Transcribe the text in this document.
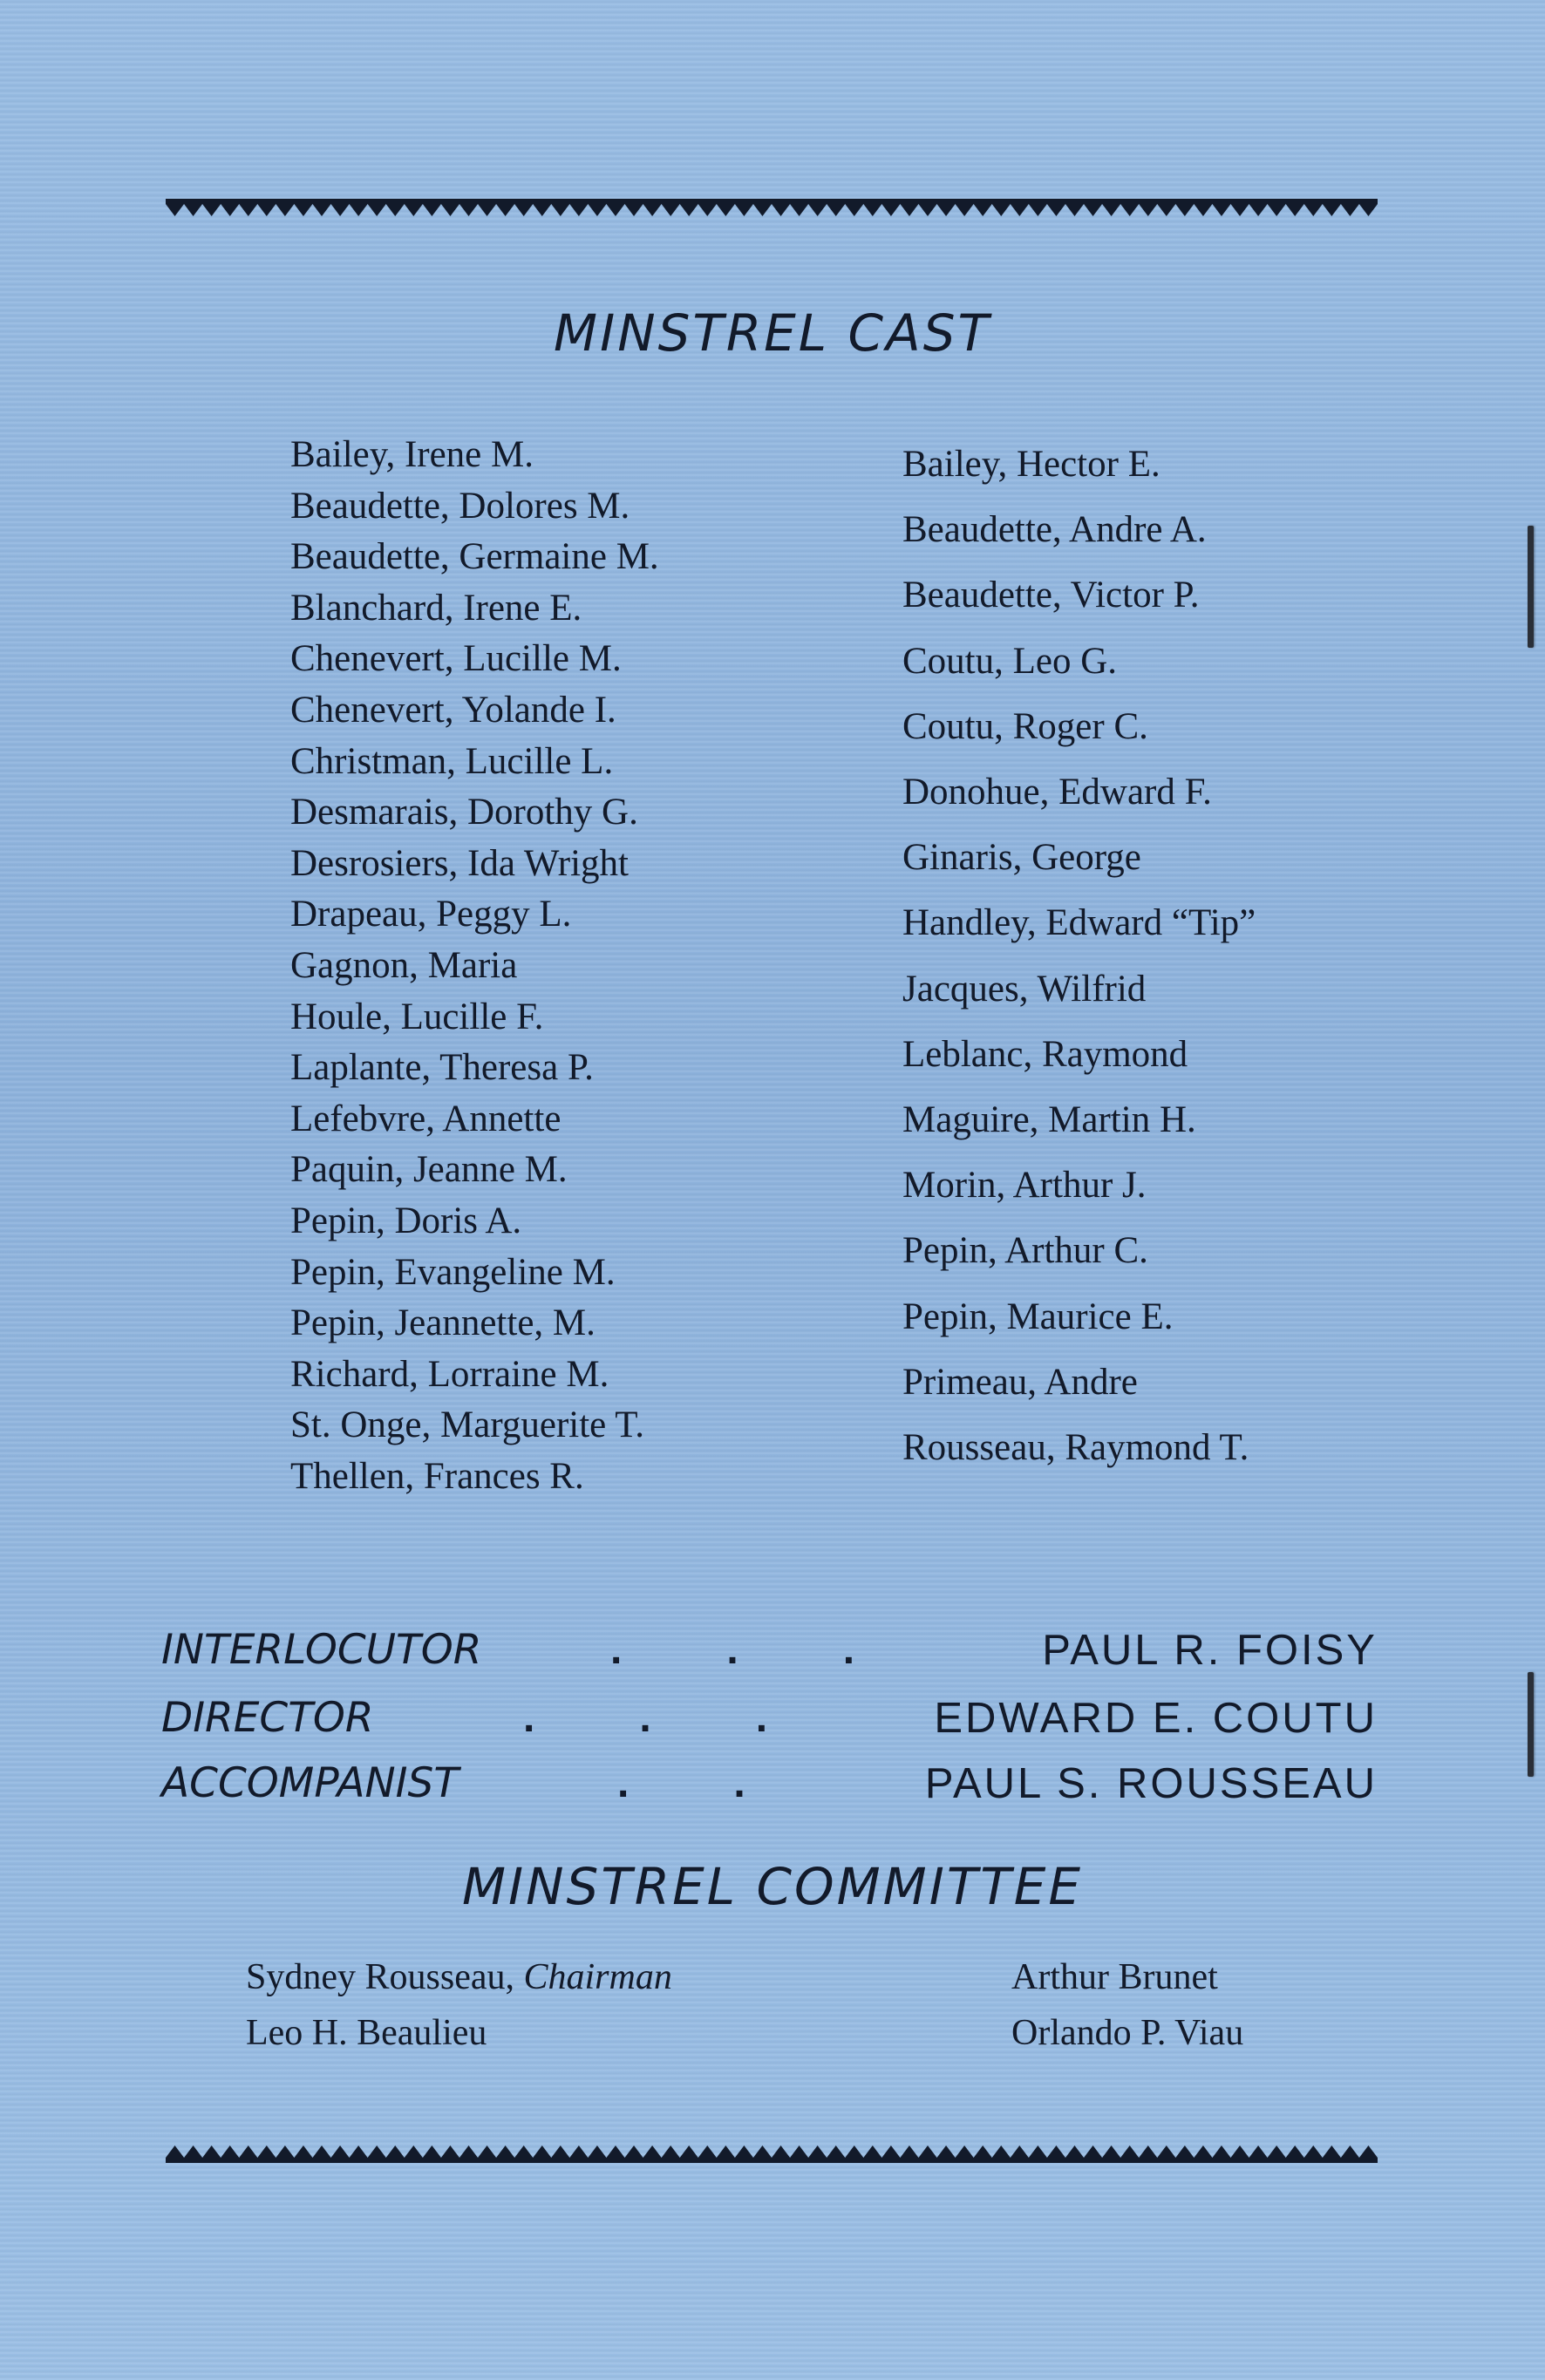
MINSTREL CAST
Bailey, Irene M.
Beaudette, Dolores M.
Beaudette, Germaine M.
Blanchard, Irene E.
Chenevert, Lucille M.
Chenevert, Yolande I.
Christman, Lucille L.
Desmarais, Dorothy G.
Desrosiers, Ida Wright
Drapeau, Peggy L.
Gagnon, Maria
Houle, Lucille F.
Laplante, Theresa P.
Lefebvre, Annette
Paquin, Jeanne M.
Pepin, Doris A.
Pepin, Evangeline M.
Pepin, Jeannette, M.
Richard, Lorraine M.
St. Onge, Marguerite T.
Thellen, Frances R.
Bailey, Hector E.
Beaudette, Andre A.
Beaudette, Victor P.
Coutu, Leo G.
Coutu, Roger C.
Donohue, Edward F.
Ginaris, George
Handley, Edward “Tip”
Jacques, Wilfrid
Leblanc, Raymond
Maguire, Martin H.
Morin, Arthur J.
Pepin, Arthur C.
Pepin, Maurice E.
Primeau, Andre
Rousseau, Raymond T.
INTERLOCUTOR	.         .         .	PAUL R. FOISY
DIRECTOR	.         .         .	EDWARD E. COUTU
ACCOMPANIST	.         .	PAUL S. ROUSSEAU
MINSTREL COMMITTEE
Sydney Rousseau, Chairman
Leo H. Beaulieu
Arthur Brunet
Orlando P. Viau
